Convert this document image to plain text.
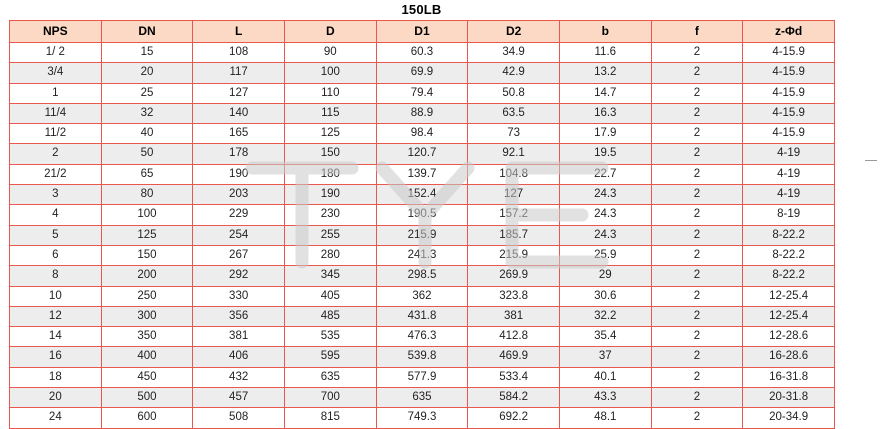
150LB
NPS	DN	L	D	D1	D2	b	f	z-Φd
1/ 2	15	108	90	60.3	34.9	11.6	2	4-15.9
3/4	20	117	100	69.9	42.9	13.2	2	4-15.9
1	25	127	110	79.4	50.8	14.7	2	4-15.9
11/4	32	140	115	88.9	63.5	16.3	2	4-15.9
11/2	40	165	125	98.4	73	17.9	2	4-15.9
2	50	178	150	120.7	92.1	19.5	2	4-19
21/2	65	190	180	139.7	104.8	22.7	2	4-19
3	80	203	190	152.4	127	24.3	2	4-19
4	100	229	230	190.5	157.2	24.3	2	8-19
5	125	254	255	215.9	185.7	24.3	2	8-22.2
6	150	267	280	241.3	215.9	25.9	2	8-22.2
8	200	292	345	298.5	269.9	29	2	8-22.2
10	250	330	405	362	323.8	30.6	2	12-25.4
12	300	356	485	431.8	381	32.2	2	12-25.4
14	350	381	535	476.3	412.8	35.4	2	12-28.6
16	400	406	595	539.8	469.9	37	2	16-28.6
18	450	432	635	577.9	533.4	40.1	2	16-31.8
20	500	457	700	635	584.2	43.3	2	20-31.8
24	600	508	815	749.3	692.2	48.1	2	20-34.9
